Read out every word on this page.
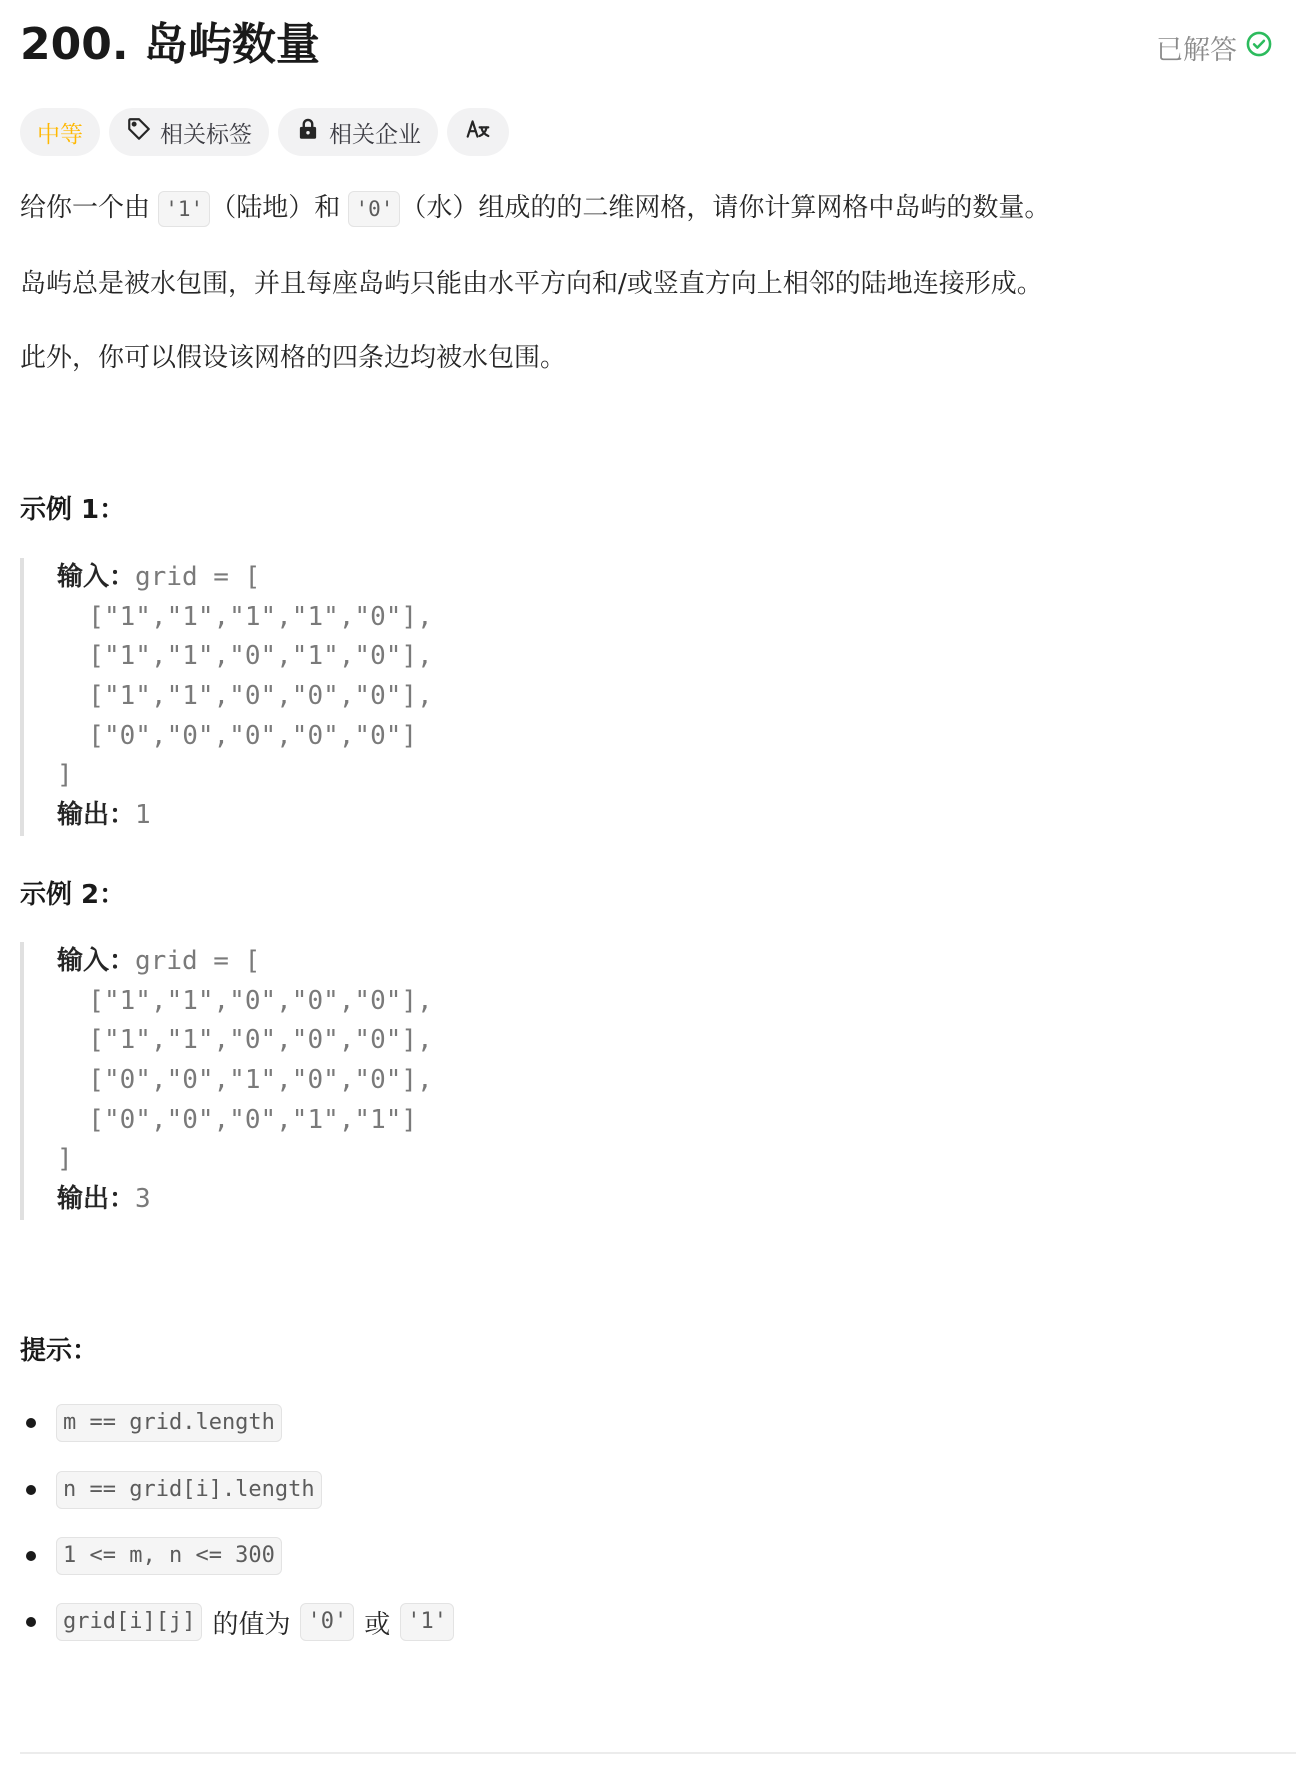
200. 岛屿数量	已解答
中等	相关标签	相关企业
给你一个由 '1' （陆地）和 '0' （水）组成的的二维网格，请你计算网格中岛屿的数量。
岛屿总是被水包围，并且每座岛屿只能由水平方向和/或竖直方向上相邻的陆地连接形成。
此外，你可以假设该网格的四条边均被水包围。
示例 1：
输入：grid = [
["1","1","1","1","0"],
["1","1","0","1","0"],
["1","1","0","0","0"],
["0","0","0","0","0"]
]
输出：1
示例 2：
输入：grid = [
["1","1","0","0","0"],
["1","1","0","0","0"],
["0","0","1","0","0"],
["0","0","0","1","1"]
]
输出：3
提示：
m == grid.length
n == grid[i].length
1 <= m, n <= 300
grid[i][j] 的值为 '0' 或 '1'
